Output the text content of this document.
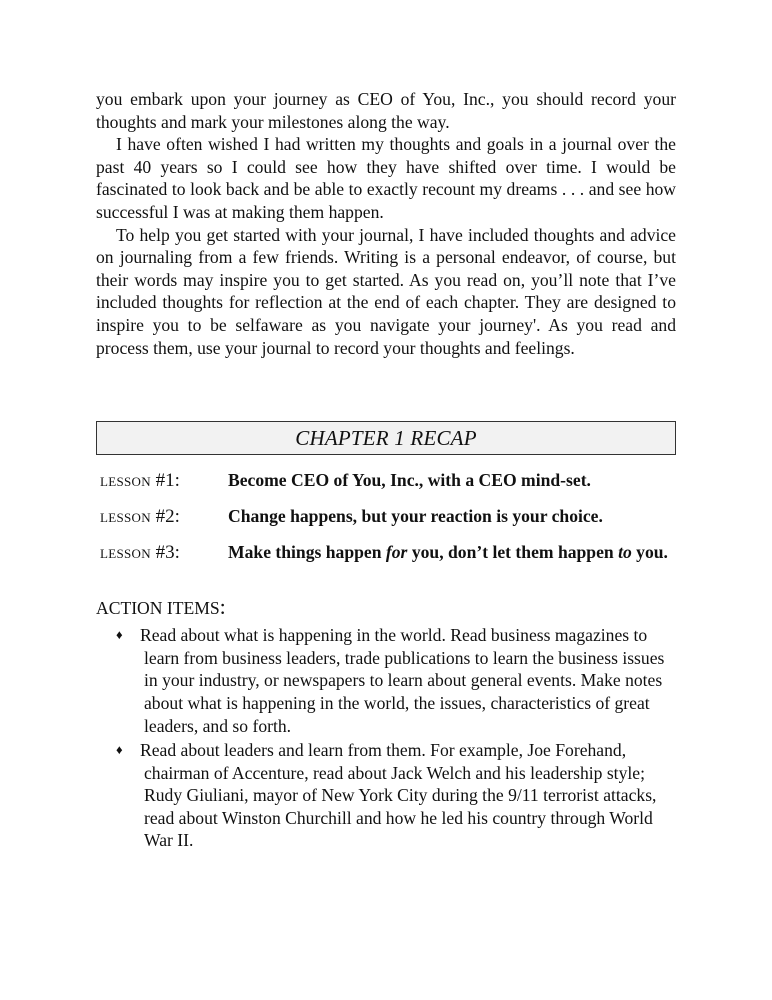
you embark upon your journey as CEO of You, Inc., you should record your thoughts and mark your milestones along the way.

I have often wished I had written my thoughts and goals in a journal over the past 40 years so I could see how they have shifted over time. I would be fascinated to look back and be able to exactly recount my dreams . . . and see how successful I was at making them happen.

To help you get started with your journal, I have included thoughts and advice on journaling from a few friends. Writing is a personal endeavor, of course, but their words may inspire you to get started. As you read on, you’ll note that I’ve included thoughts for reflection at the end of each chapter. They are designed to inspire you to be selfaware as you navigate your journey'. As you read and process them, use your journal to record your thoughts and feelings.

CHAPTER 1 RECAP
LESSON #1:	Become CEO of You, Inc., with a CEO mind-set.
LESSON #2:	Change happens, but your reaction is your choice.
LESSON #3:	Make things happen for you, don’t let them happen to you.
ACTION ITEMS:
♦ Read about what is happening in the world. Read business magazines to learn from business leaders, trade publications to learn the business issues in your industry, or newspapers to learn about general events. Make notes about what is happening in the world, the issues, characteristics of great leaders, and so forth.
♦ Read about leaders and learn from them. For example, Joe Forehand, chairman of Accenture, read about Jack Welch and his leadership style; Rudy Giuliani, mayor of New York City during the 9/11 terrorist attacks, read about Winston Churchill and how he led his country through World War II.
